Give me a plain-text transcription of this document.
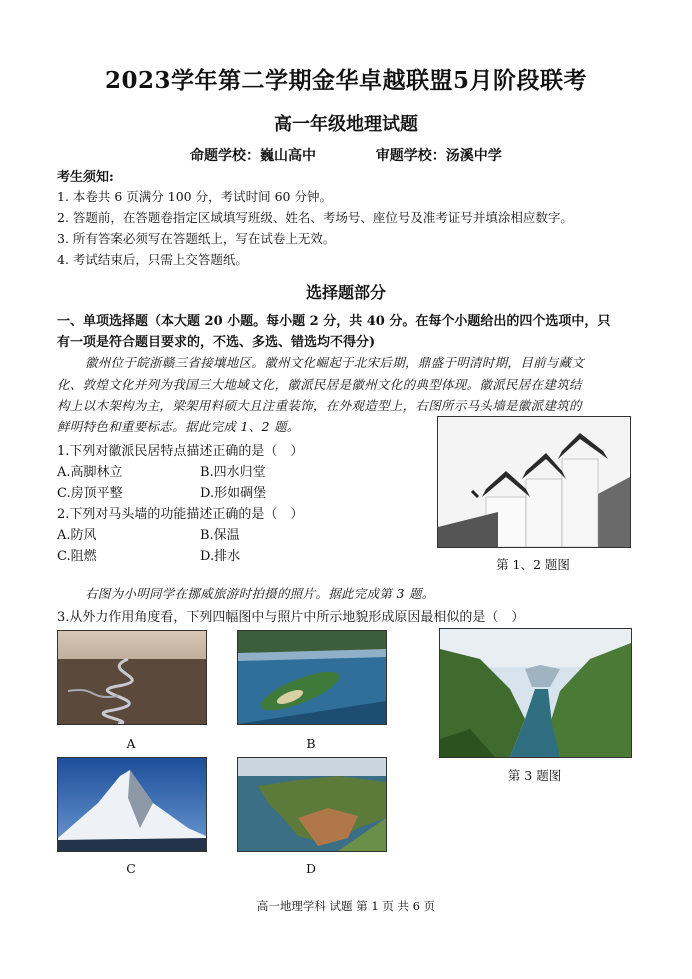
2023学年第二学期金华卓越联盟5月阶段联考
高一年级地理试题
命题学校：巍山高中	审题学校：汤溪中学
考生须知:
1. 本卷共 6 页满分 100 分，考试时间 60 分钟。
2. 答题前，在答题卷指定区域填写班级、姓名、考场号、座位号及准考证号并填涂相应数字。
3. 所有答案必须写在答题纸上，写在试卷上无效。
4. 考试结束后，只需上交答题纸。
选择题部分
一、单项选择题（本大题 20 小题。每小题 2 分，共 40 分。在每个小题给出的四个选项中，只
有一项是符合题目要求的，不选、多选、错选均不得分)
徽州位于皖浙赣三省接壤地区。徽州文化崛起于北宋后期，鼎盛于明清时期，目前与藏文
化、敦煌文化并列为我国三大地域文化，徽派民居是徽州文化的典型体现。徽派民居在建筑结
构上以木架构为主，梁架用料硕大且注重装饰，在外观造型上，右图所示马头墙是徽派建筑的
鲜明特色和重要标志。据此完成 1、2 题。
1.下列对徽派民居特点描述正确的是（　）
A.高脚林立	B.四水归堂
C.房顶平整	D.形如碉堡
2.下列对马头墙的功能描述正确的是（　）
A.防风	B.保温
C.阻燃	D.排水
第 1、2 题图
右图为小明同学在挪威旅游时拍摄的照片。据此完成第 3 题。
3.从外力作用角度看，下列四幅图中与照片中所示地貌形成原因最相似的是（　）
A	B
第 3 题图
C	D
高一地理学科 试题 第 1 页 共 6 页
